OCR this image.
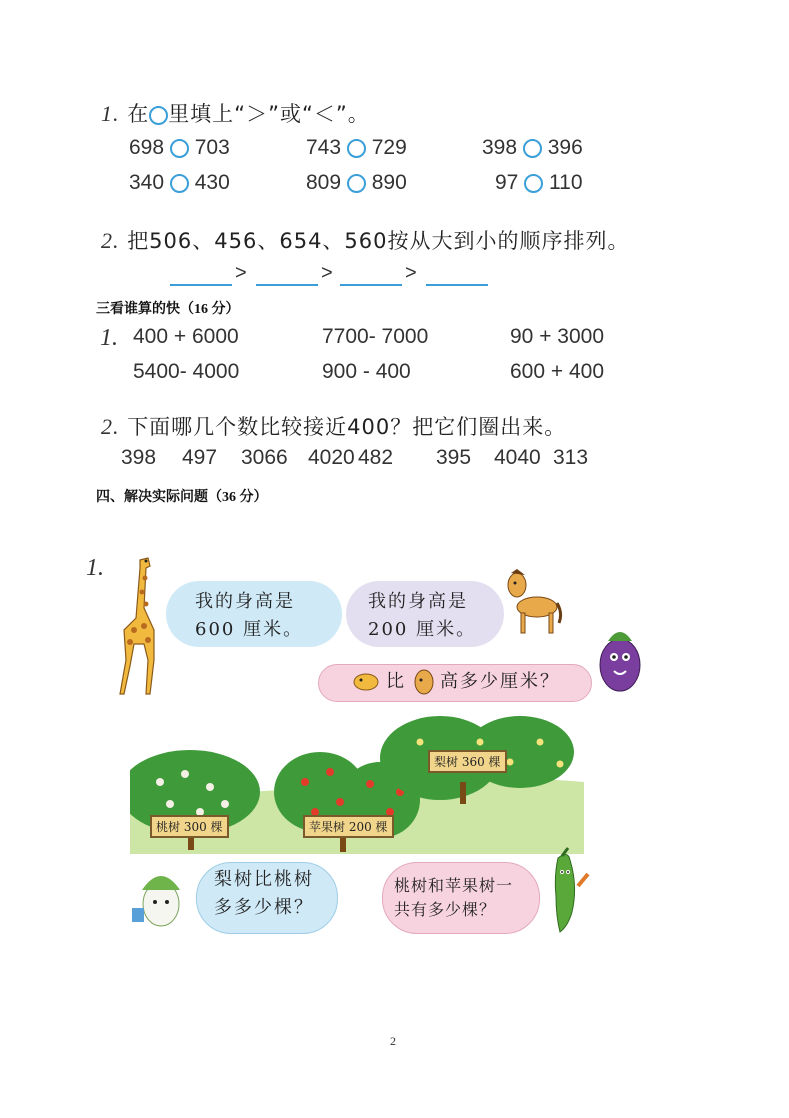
1. 在 里填上“＞”或“＜”。
698 703	743 729	398 396
340 430	809 890	97 110
2. 把506、456、654、560按从大到小的顺序排列。
>	>	>
三看谁算的快（16 分）
1. 400 + 6000	7700- 7000	90 + 3000
5400- 4000	900 - 400	600 + 400
2. 下面哪几个数比较接近400？把它们圈出来。
398 497 3066 4020 482 395 4040 313
四、解决实际问题（36 分）
1.
我的身高是
600 厘米。
我的身高是
200 厘米。
比 高多少厘米？
梨树 360 棵
桃树 300 棵	苹果树 200 棵
梨树比桃树
多多少棵？
桃树和苹果树一
共有多少棵？
2
